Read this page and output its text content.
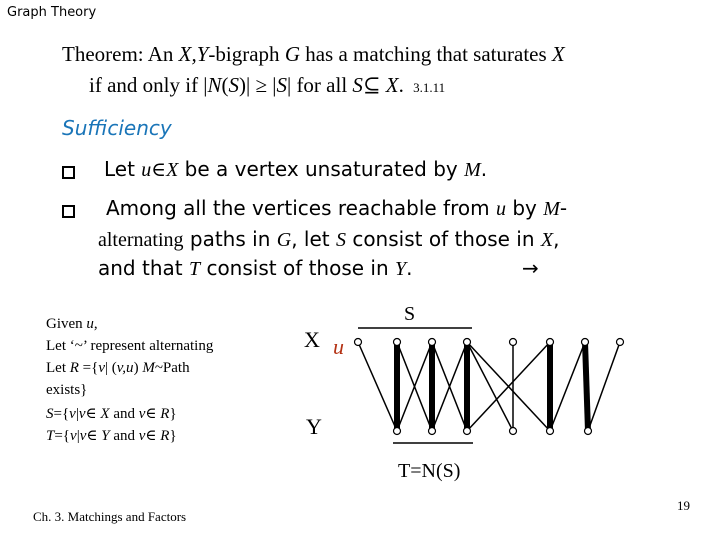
Graph Theory
Theorem: An X,Y-bigraph G has a matching that saturates X
if and only if |N(S)| ≥ |S| for all S⊆ X. 3.1.11
Sufficiency
Let u∈X be a vertex unsaturated by M.
Among all the vertices reachable from u by M-
alternating paths in G, let S consist of those in X,
and that T consist of those in Y.	→
Given u,
Let ‘~’ represent alternating
Let R ={v| (v,u) M~Path
exists}
S={v|v∈ X and v∈ R}
T={v|v∈ Y and v∈ R}
X u
Y
S
T=N(S)
Ch. 3. Matchings and Factors
19
